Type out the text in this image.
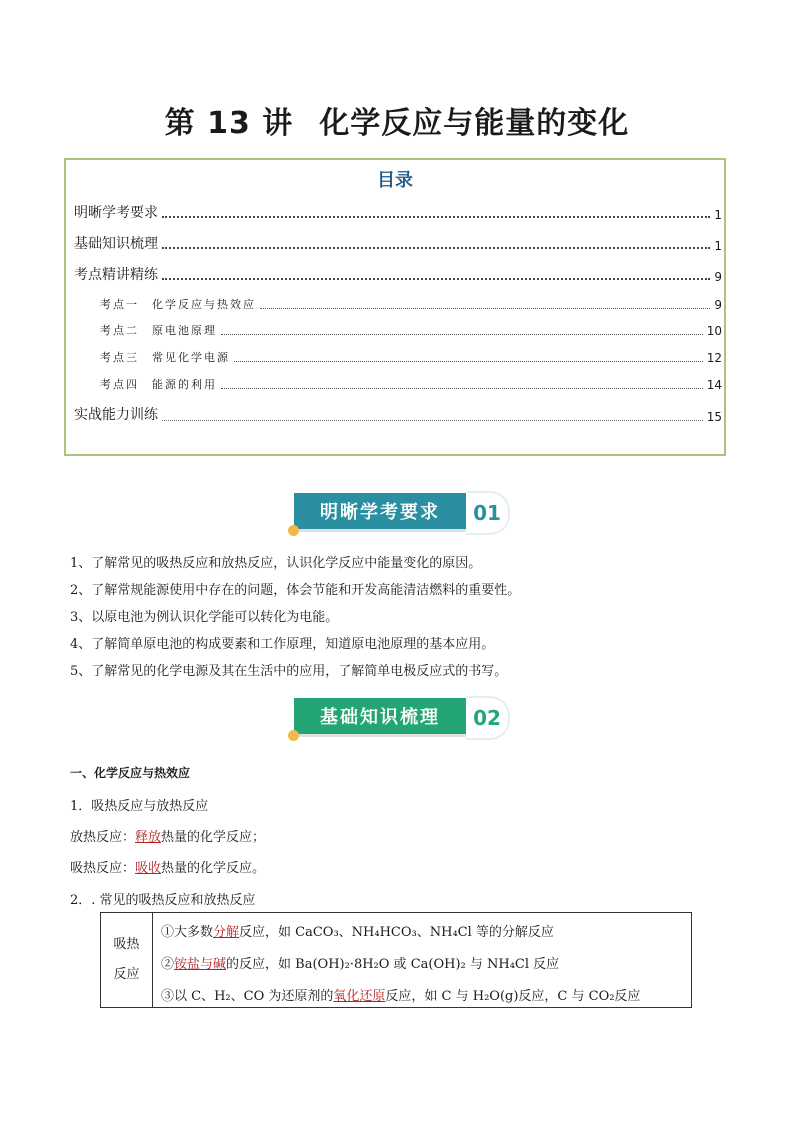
第 13 讲 化学反应与能量的变化
目录
明晰学考要求	1
基础知识梳理	1
考点精讲精练	9
考点一　化学反应与热效应	9
考点二　原电池原理	10
考点三　常见化学电源	12
考点四　能源的利用	14
实战能力训练	15
明晰学考要求	01
1、了解常见的吸热反应和放热反应，认识化学反应中能量变化的原因。
2、了解常规能源使用中存在的问题，体会节能和开发高能清洁燃料的重要性。
3、以原电池为例认识化学能可以转化为电能。
4、了解简单原电池的构成要素和工作原理，知道原电池原理的基本应用。
5、了解常见的化学电源及其在生活中的应用，了解简单电极反应式的书写。
基础知识梳理	02
一、化学反应与热效应
1．吸热反应与放热反应
放热反应：释放热量的化学反应；
吸热反应：吸收热量的化学反应。
2．. 常见的吸热反应和放热反应
吸热
反应
①大多数分解反应，如 CaCO₃、NH₄HCO₃、NH₄Cl 等的分解反应
②铵盐与碱的反应，如 Ba(OH)₂·8H₂O 或 Ca(OH)₂ 与 NH₄Cl 反应
③以 C、H₂、CO 为还原剂的氧化还原反应，如 C 与 H₂O(g)反应，C 与 CO₂反应
